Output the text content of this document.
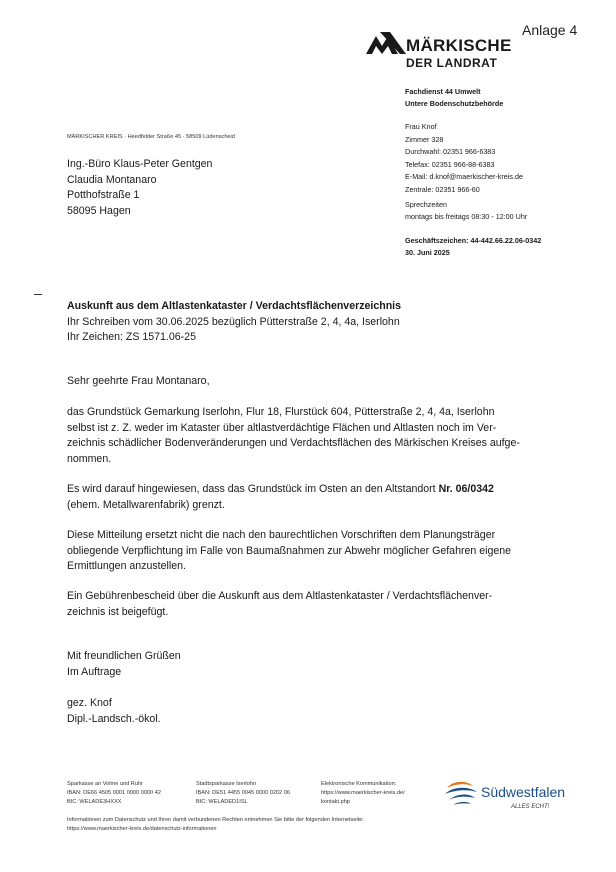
Anlage 4
MÄRKISCHE
DER LANDRAT
Fachdienst 44 Umwelt
Untere Bodenschutzbehörde
Frau Knof
Zimmer 328
Durchwahl: 02351 966-6383
Telefax: 02351 966-88-6383
E-Mail: d.knof@maerkischer-kreis.de
Zentrale: 02351 966-60
Sprechzeiten
montags bis freitags 08:30 - 12:00 Uhr
Geschäftszeichen: 44-442.66.22.06-0342
30. Juni 2025
MÄRKISCHER KREIS · Heedfelder Straße 45 · 58509 Lüdenscheid
Ing.-Büro Klaus-Peter Gentgen
Claudia Montanaro
Potthofstraße 1
58095 Hagen
Auskunft aus dem Altlastenkataster / Verdachtsflächenverzeichnis
Ihr Schreiben vom 30.06.2025 bezüglich Pütterstraße 2, 4, 4a, Iserlohn
Ihr Zeichen: ZS 1571.06-25
Sehr geehrte Frau Montanaro,
das Grundstück Gemarkung Iserlohn, Flur 18, Flurstück 604, Pütterstraße 2, 4, 4a, Iserlohn
selbst ist z. Z. weder im Kataster über altlastverdächtige Flächen und Altlasten noch im Ver-
zeichnis schädlicher Bodenveränderungen und Verdachtsflächen des Märkischen Kreises aufge-
nommen.
Es wird darauf hingewiesen, dass das Grundstück im Osten an den Altstandort Nr. 06/0342
(ehem. Metallwarenfabrik) grenzt.
Diese Mitteilung ersetzt nicht die nach den baurechtlichen Vorschriften dem Planungsträger
obliegende Verpflichtung im Falle von Baumaßnahmen zur Abwehr möglicher Gefahren eigene
Ermittlungen anzustellen.
Ein Gebührenbescheid über die Auskunft aus dem Altlastenkataster / Verdachtsflächenver-
zeichnis ist beigefügt.
Mit freundlichen Grüßen
Im Auftrage
gez. Knof
Dipl.-Landsch.-ökol.
Sparkasse an Volme und Ruhr
IBAN: DE66 4505 0001 0000 0000 42
BIC: WELADE3HXXX
Stadtsparkasse Iserlohn
IBAN: DE51 4455 0045 0000 0202 06
BIC: WELADED1ISL
Elektronische Kommunikation:
https://www.maerkischer-kreis.de/
kontakt.php
Südwestfalen
ALLES ECHT!
Informationen zum Datenschutz und Ihren damit verbundenen Rechten entnehmen Sie bitte der folgenden Internetseite:
https://www.maerkischer-kreis.de/datenschutz-informationen
